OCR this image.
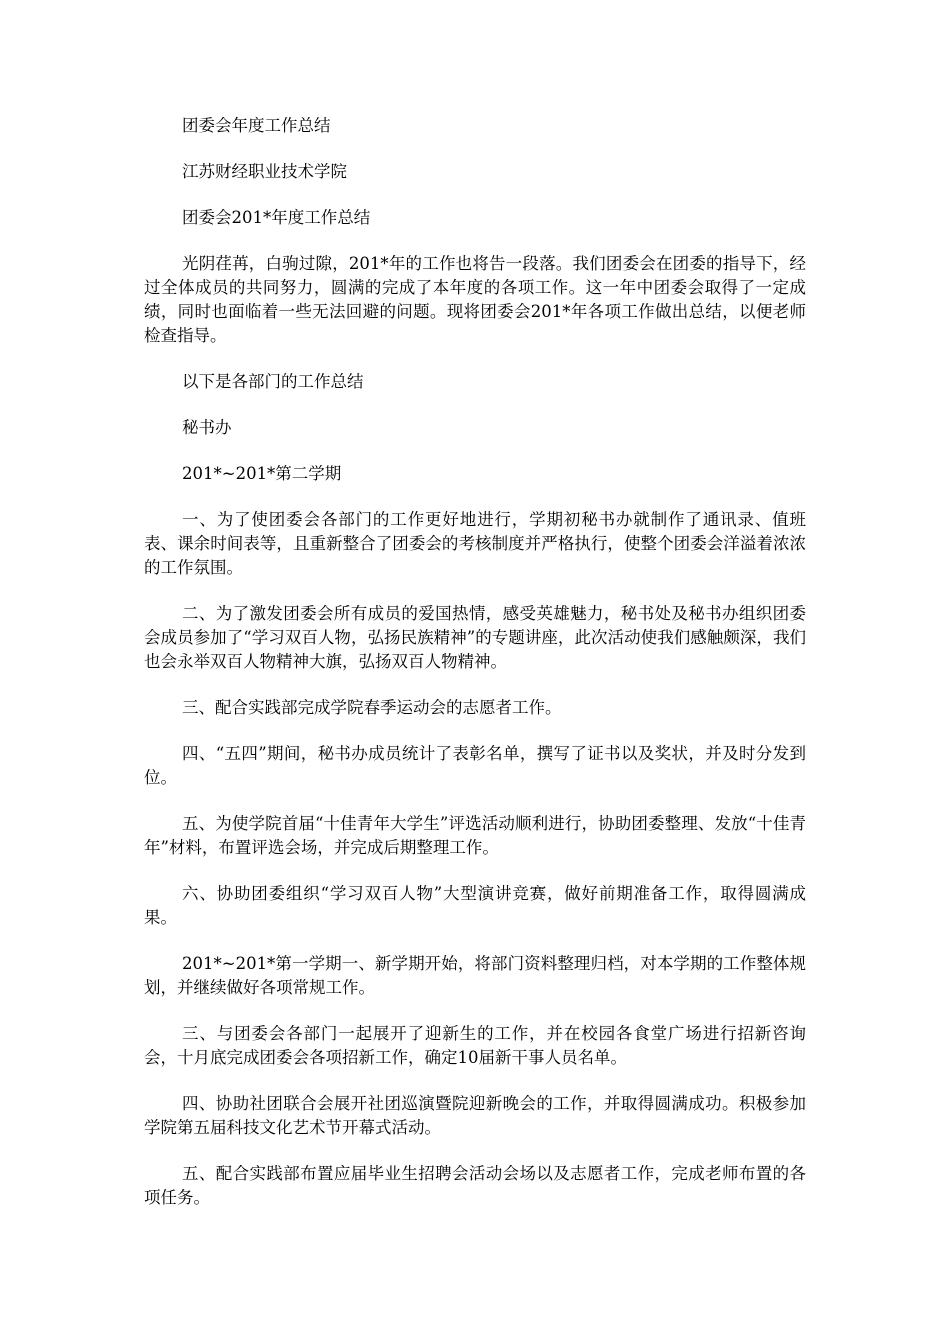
团委会年度工作总结

江苏财经职业技术学院

团委会201*年度工作总结

光阴荏苒，白驹过隙，201*年的工作也将告一段落。我们团委会在团委的指导下，经过全体成员的共同努力，圆满的完成了本年度的各项工作。这一年中团委会取得了一定成绩，同时也面临着一些无法回避的问题。现将团委会201*年各项工作做出总结，以便老师检查指导。

以下是各部门的工作总结

秘书办

201*~201*第二学期

一、为了使团委会各部门的工作更好地进行，学期初秘书办就制作了通讯录、值班表、课余时间表等，且重新整合了团委会的考核制度并严格执行，使整个团委会洋溢着浓浓的工作氛围。

二、为了激发团委会所有成员的爱国热情，感受英雄魅力，秘书处及秘书办组织团委会成员参加了“学习双百人物，弘扬民族精神”的专题讲座，此次活动使我们感触颇深，我们也会永举双百人物精神大旗，弘扬双百人物精神。

三、配合实践部完成学院春季运动会的志愿者工作。

四、“五四”期间，秘书办成员统计了表彰名单，撰写了证书以及奖状，并及时分发到位。

五、为使学院首届“十佳青年大学生”评选活动顺利进行，协助团委整理、发放“十佳青年”材料，布置评选会场，并完成后期整理工作。

六、协助团委组织“学习双百人物”大型演讲竞赛，做好前期准备工作，取得圆满成果。

201*~201*第一学期一、新学期开始，将部门资料整理归档，对本学期的工作整体规划，并继续做好各项常规工作。

三、与团委会各部门一起展开了迎新生的工作，并在校园各食堂广场进行招新咨询会，十月底完成团委会各项招新工作，确定10届新干事人员名单。

四、协助社团联合会展开社团巡演暨院迎新晚会的工作，并取得圆满成功。积极参加学院第五届科技文化艺术节开幕式活动。

五、配合实践部布置应届毕业生招聘会活动会场以及志愿者工作，完成老师布置的各项任务。
